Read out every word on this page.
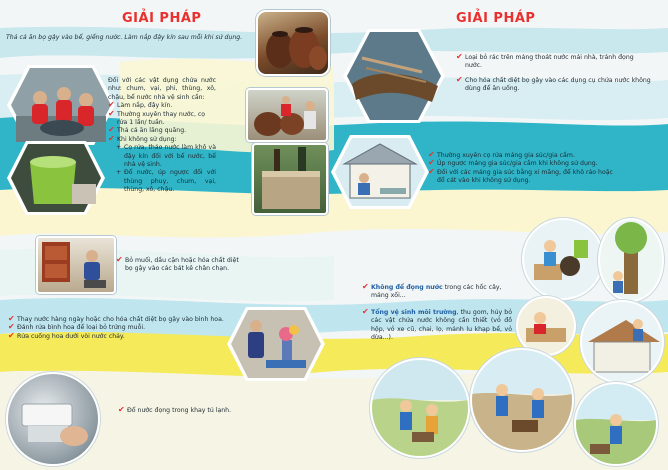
GIẢI PHÁP
Thả cá ăn bọ gậy vào bể, giếng nước. Làm nắp đậy kín sau mỗi khi sử dụng.
Đối với các vật dụng chứa nước như: chum, vại, phi, thùng, xô, chậu, bể nước nhà vệ sinh cần:
✔ Làm nắp, đậy kín.
✔ Thường xuyên thay nước, cọ rửa 1 lần/ tuần.
✔ Thả cá ăn lăng quăng.
✔ Khi không sử dụng:
+ Cọ rửa, tháo nước làm khô và đậy kín đối với bể nước, bể nhà vệ sinh.
+ Đổ nước, úp ngược đối với thùng phuy, chum, vại, thùng, xô, chậu.
✔ Bỏ muối, dầu cặn hoặc hóa chất diệt bọ gậy vào các bát kê chân chạn.
✔ Thay nước hàng ngày hoặc cho hóa chất diệt bọ gậy vào bình hoa.
✔ Đánh rửa bình hoa để loại bỏ trứng muỗi.
✔ Rửa cuống hoa dưới vòi nước chảy.
✔ Đổ nước đọng trong khay tủ lạnh.
GIẢI PHÁP
✔ Loại bỏ rác trên máng thoát nước mái nhà, tránh đọng nước.
✔ Cho hóa chất diệt bọ gậy vào các dụng cụ chứa nước không dùng để ăn uống.
✔ Thường xuyên cọ rửa máng gia súc/gia cầm.
✔ Úp ngược máng gia súc/gia cầm khi không sử dụng.
✔ Đối với các máng gia súc bằng xi măng, để khô ráo hoặc đổ cát vào khi không sử dụng.
✔ Không để đọng nước trong các hốc cây, máng xối...
✔ Tổng vệ sinh môi trường, thu gom, hủy bỏ các vật chứa nước không cần thiết (vỏ đồ hộp, vỏ xe cũ, chai, lọ, mảnh lu khạp bể, vỏ dừa...).
